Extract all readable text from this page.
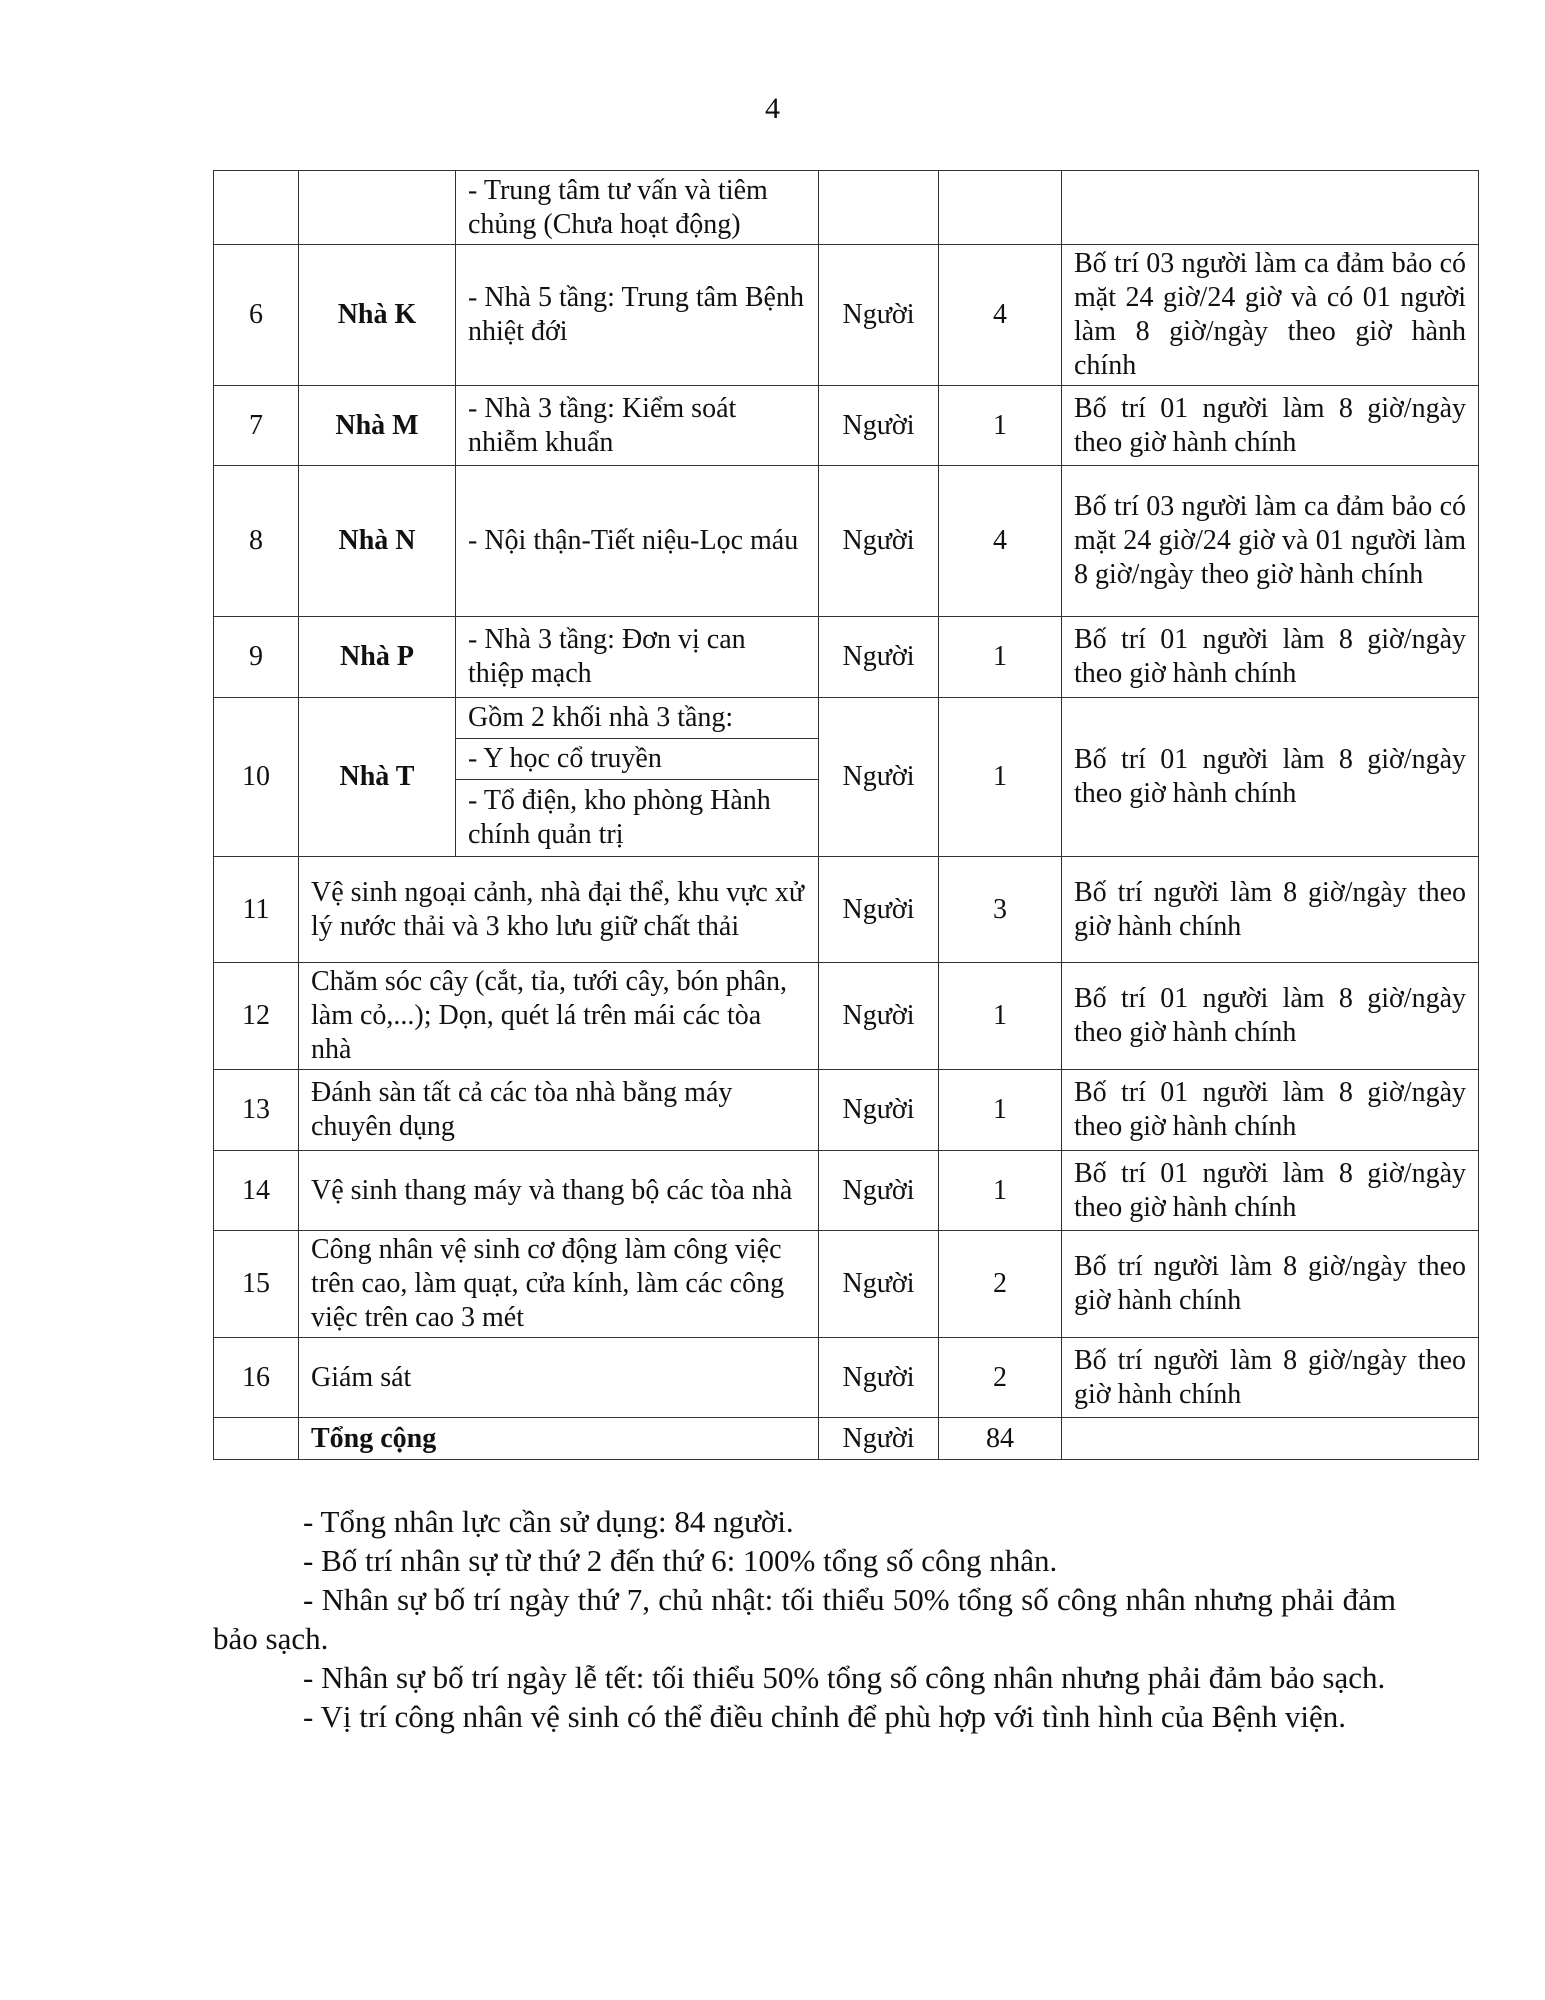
4
		- Trung tâm tư vấn và tiêm chủng (Chưa hoạt động)			
6	Nhà K	- Nhà 5 tầng: Trung tâm Bệnh nhiệt đới	Người	4	Bố trí 03 người làm ca đảm bảo có mặt 24 giờ/24 giờ và có 01 người làm 8 giờ/ngày theo giờ hành chính
7	Nhà M	- Nhà 3 tầng: Kiểm soát nhiễm khuẩn	Người	1	Bố trí 01 người làm 8 giờ/ngày theo giờ hành chính
8	Nhà N	- Nội thận-Tiết niệu-Lọc máu	Người	4	Bố trí 03 người làm ca đảm bảo có mặt 24 giờ/24 giờ và 01 người làm 8 giờ/ngày theo giờ hành chính
9	Nhà P	- Nhà 3 tầng: Đơn vị can thiệp mạch	Người	1	Bố trí 01 người làm 8 giờ/ngày theo giờ hành chính
10	Nhà T	Gồm 2 khối nhà 3 tầng:	Người	1	Bố trí 01 người làm 8 giờ/ngày theo giờ hành chính
		- Y học cổ truyền			
		- Tổ điện, kho phòng Hành chính quản trị			
11	Vệ sinh ngoại cảnh, nhà đại thể, khu vực xử lý nước thải và 3 kho lưu giữ chất thải		Người	3	Bố trí người làm 8 giờ/ngày theo giờ hành chính
12	Chăm sóc cây (cắt, tỉa, tưới cây, bón phân, làm cỏ,...); Dọn, quét lá trên mái các tòa nhà		Người	1	Bố trí 01 người làm 8 giờ/ngày theo giờ hành chính
13	Đánh sàn tất cả các tòa nhà bằng máy chuyên dụng		Người	1	Bố trí 01 người làm 8 giờ/ngày theo giờ hành chính
14	Vệ sinh thang máy và thang bộ các tòa nhà		Người	1	Bố trí 01 người làm 8 giờ/ngày theo giờ hành chính
15	Công nhân vệ sinh cơ động làm công việc trên cao, làm quạt, cửa kính, làm các công việc trên cao 3 mét		Người	2	Bố trí người làm 8 giờ/ngày theo giờ hành chính
16	Giám sát		Người	2	Bố trí người làm 8 giờ/ngày theo giờ hành chính
	Tổng cộng		Người	84	

- Tổng nhân lực cần sử dụng: 84 người.

- Bố trí nhân sự từ thứ 2 đến thứ 6: 100% tổng số công nhân.

- Nhân sự bố trí ngày thứ 7, chủ nhật: tối thiểu 50% tổng số công nhân nhưng phải đảm bảo sạch.

- Nhân sự bố trí ngày lễ tết: tối thiểu 50% tổng số công nhân nhưng phải đảm bảo sạch.

- Vị trí công nhân vệ sinh có thể điều chỉnh để phù hợp với tình hình của Bệnh viện.
